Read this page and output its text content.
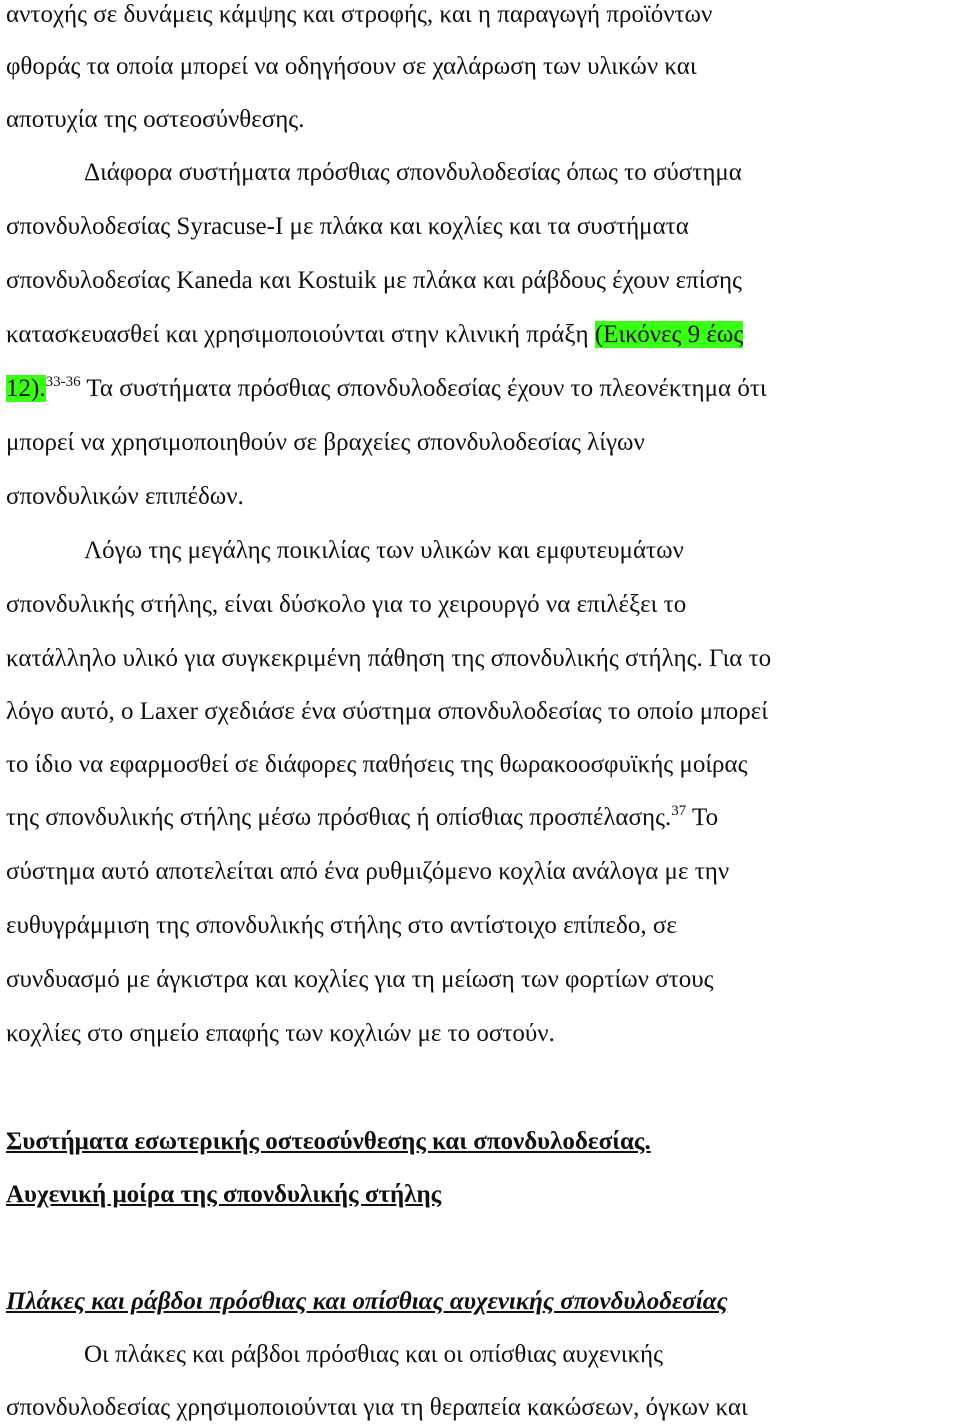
αντοχής σε δυνάμεις κάμψης και στροφής, και η παραγωγή προϊόντων
φθοράς τα οποία μπορεί να οδηγήσουν σε χαλάρωση των υλικών και
αποτυχία της οστεοσύνθεσης.
Διάφορα συστήματα πρόσθιας σπονδυλοδεσίας όπως το σύστημα
σπονδυλοδεσίας Syracuse-I με πλάκα και κοχλίες και τα συστήματα
σπονδυλοδεσίας Kaneda και Kostuik με πλάκα και ράβδους έχουν επίσης
κατασκευασθεί και χρησιμοποιούνται στην κλινική πράξη (Εικόνες 9 έως
12).$^{33-36}$ Τα συστήματα πρόσθιας σπονδυλοδεσίας έχουν το πλεονέκτημα ότι
μπορεί να χρησιμοποιηθούν σε βραχείες σπονδυλοδεσίας λίγων
σπονδυλικών επιπέδων.
Λόγω της μεγάλης ποικιλίας των υλικών και εμφυτευμάτων
σπονδυλικής στήλης, είναι δύσκολο για το χειρουργό να επιλέξει το
κατάλληλο υλικό για συγκεκριμένη πάθηση της σπονδυλικής στήλης. Για το
λόγο αυτό, ο Laxer σχεδιάσε ένα σύστημα σπονδυλοδεσίας το οποίο μπορεί
το ίδιο να εφαρμοσθεί σε διάφορες παθήσεις της θωρακοοσφυϊκής μοίρας
της σπονδυλικής στήλης μέσω πρόσθιας ή οπίσθιας προσπέλασης.$^{37}$ Το
σύστημα αυτό αποτελείται από ένα ρυθμιζόμενο κοχλία ανάλογα με την
ευθυγράμμιση της σπονδυλικής στήλης στο αντίστοιχο επίπεδο, σε
συνδυασμό με άγκιστρα και κοχλίες για τη μείωση των φορτίων στους
κοχλίες στο σημείο επαφής των κοχλιών με το οστούν.
Συστήματα εσωτερικής οστεοσύνθεσης και σπονδυλοδεσίας.
Αυχενική μοίρα της σπονδυλικής στήλης
Πλάκες και ράβδοι πρόσθιας και οπίσθιας αυχενικής σπονδυλοδεσίας
Οι πλάκες και ράβδοι πρόσθιας και οι οπίσθιας αυχενικής
σπονδυλοδεσίας χρησιμοποιούνται για τη θεραπεία κακώσεων, όγκων και
